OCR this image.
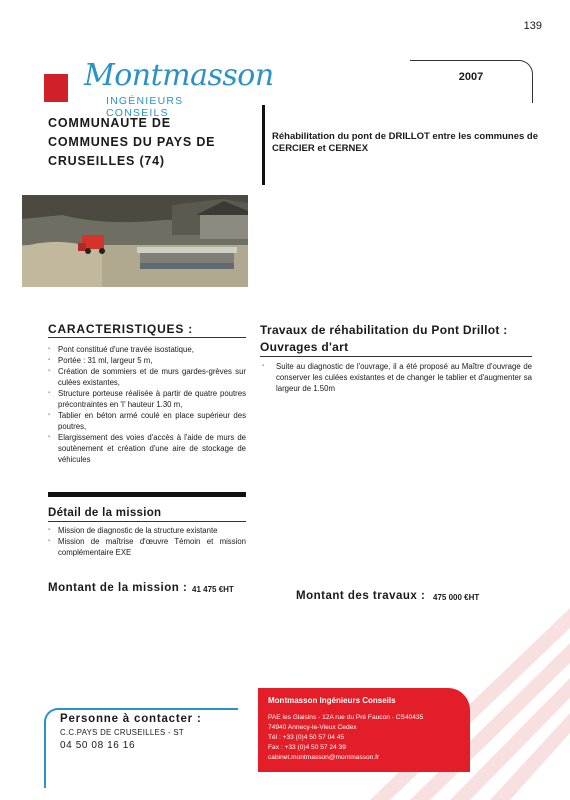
139
Montmasson
INGÉNIEURS CONSEILS
2007
COMMUNAUTE DE COMMUNES DU PAYS DE CRUSEILLES (74)
Réhabilitation du pont de DRILLOT entre les communes de CERCIER et CERNEX
CARACTERISTIQUES :
▪ Pont constitué d'une travée isostatique,
▪ Portée : 31 ml, largeur 5 m,
▪ Création de sommiers et de murs gardes-grèves sur culées existantes,
▪ Structure porteuse réalisée à partir de quatre poutres précontraintes en 'I' hauteur 1.30 m,
▪ Tablier en béton armé coulé en place supérieur des poutres,
▪ Elargissement des voies d'accès à l'aide de murs de soutènement et création d'une aire de stockage de véhicules
Détail de la mission
▪ Mission de diagnostic de la structure existante
▪ Mission de maîtrise d'œuvre Témoin et mission complémentaire EXE
Montant de la mission : 41 475 €HT
Travaux de réhabilitation du Pont Drillot : Ouvrages d'art
▪ Suite au diagnostic de l'ouvrage, il a été proposé au Maître d'ouvrage de conserver les culées existantes et de changer le tablier et d'augmenter sa largeur de 1.50m
Montant des travaux : 475 000 €HT
Montmasson Ingénieurs Conseils
PAE les Glaisins - 12A rue du Pré Faucon - CS40435
74940 Annecy-le-Vieux Cedex
Tél : +33 (0)4 50 57 04 45
Fax : +33 (0)4 50 57 24 39
cabinet.montmasson@montmasson.fr
Personne à contacter :
C.C.PAYS DE CRUSEILLES - ST
04 50 08 16 16
